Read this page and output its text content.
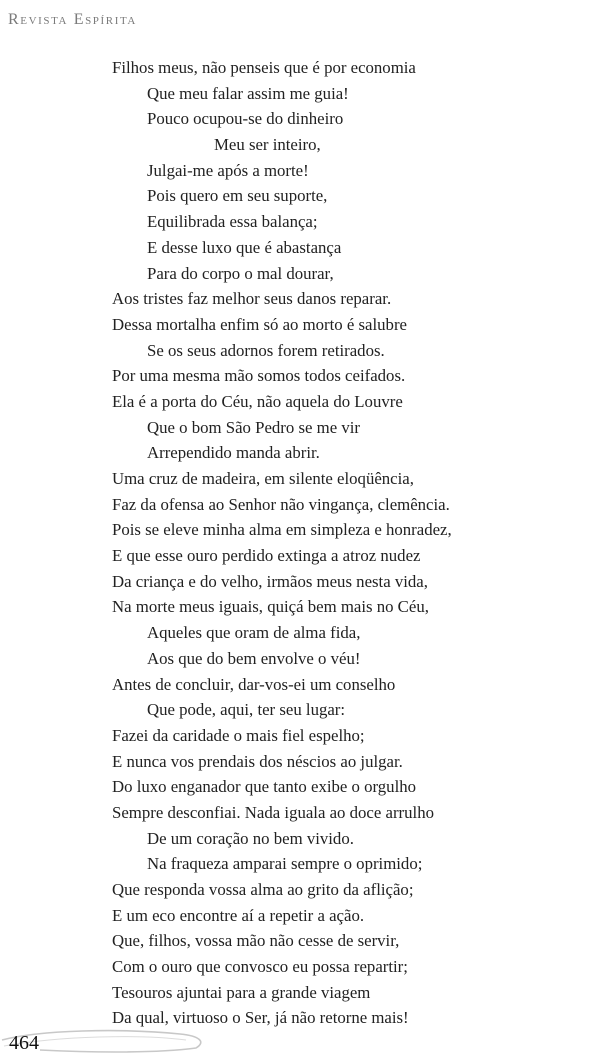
Revista Espírita
Filhos meus, não penseis que é por economia
Que meu falar assim me guia!
Pouco ocupou-se do dinheiro
Meu ser inteiro,
Julgai-me após a morte!
Pois quero em seu suporte,
Equilibrada essa balança;
E desse luxo que é abastança
Para do corpo o mal dourar,
Aos tristes faz melhor seus danos reparar.
Dessa mortalha enfim só ao morto é salubre
Se os seus adornos forem retirados.
Por uma mesma mão somos todos ceifados.
Ela é a porta do Céu, não aquela do Louvre
Que o bom São Pedro se me vir
Arrependido manda abrir.
Uma cruz de madeira, em silente eloqüência,
Faz da ofensa ao Senhor não vingança, clemência.
Pois se eleve minha alma em simpleza e honradez,
E que esse ouro perdido extinga a atroz nudez
Da criança e do velho, irmãos meus nesta vida,
Na morte meus iguais, quiçá bem mais no Céu,
Aqueles que oram de alma fida,
Aos que do bem envolve o véu!
Antes de concluir, dar-vos-ei um conselho
Que pode, aqui, ter seu lugar:
Fazei da caridade o mais fiel espelho;
E nunca vos prendais dos néscios ao julgar.
Do luxo enganador que tanto exibe o orgulho
Sempre desconfiai. Nada iguala ao doce arrulho
De um coração no bem vivido.
Na fraqueza amparai sempre o oprimido;
Que responda vossa alma ao grito da aflição;
E um eco encontre aí a repetir a ação.
Que, filhos, vossa mão não cesse de servir,
Com o ouro que convosco eu possa repartir;
Tesouros ajuntai para a grande viagem
Da qual, virtuoso o Ser, já não retorne mais!
464
